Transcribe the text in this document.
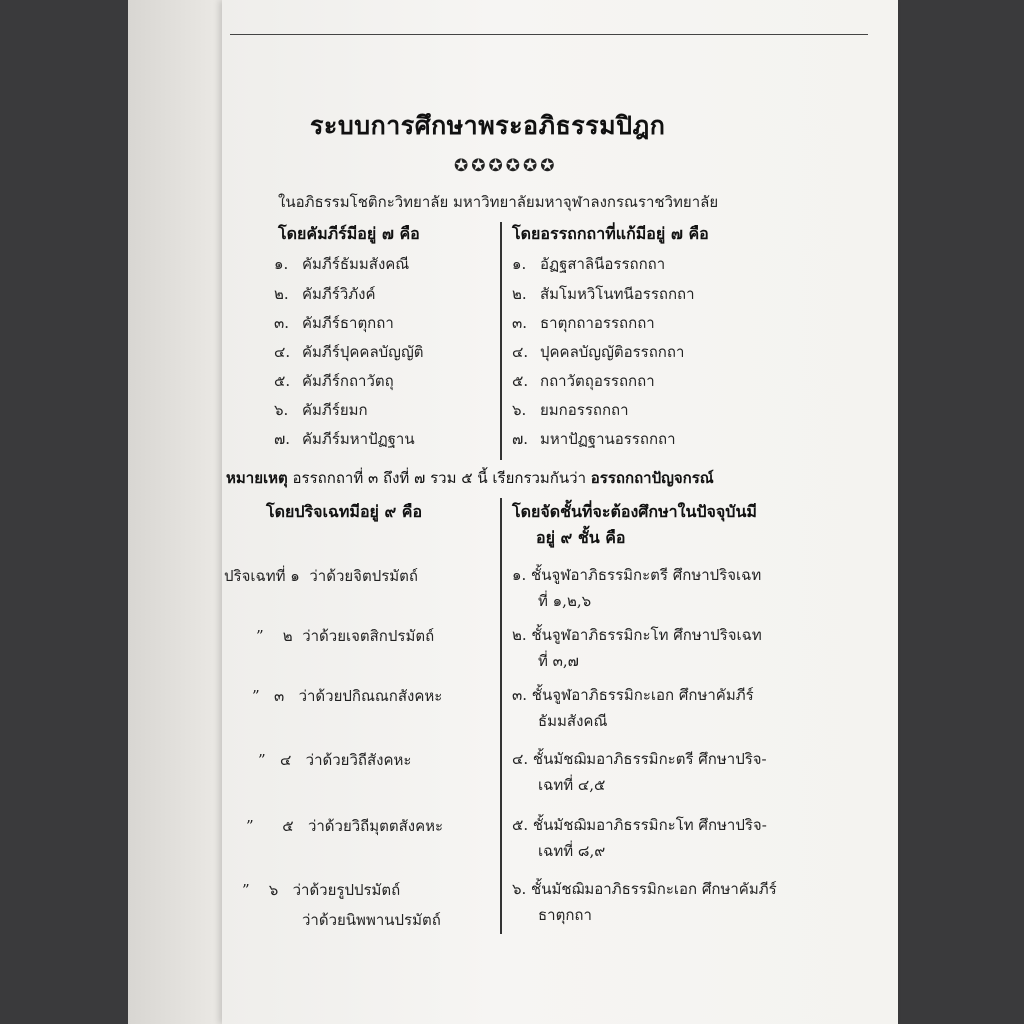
ระบบการศึกษาพระอภิธรรมปิฎก
✪✪✪✪✪✪
ในอภิธรรมโชติกะวิทยาลัย มหาวิทยาลัยมหาจุฬาลงกรณราชวิทยาลัย
โดยคัมภีร์มีอยู่ ๗ คือ	โดยอรรถกถาที่แก้มีอยู่ ๗ คือ
๑. คัมภีร์ธัมมสังคณี
๒. คัมภีร์วิภังค์
๓. คัมภีร์ธาตุกถา
๔. คัมภีร์ปุคคลบัญญัติ
๕. คัมภีร์กถาวัตถุ
๖. คัมภีร์ยมก
๗. คัมภีร์มหาปัฏฐาน
๑. อัฏฐสาลินีอรรถกถา
๒. สัมโมหวิโนทนีอรรถกถา
๓. ธาตุกถาอรรถกถา
๔. ปุคคลบัญญัติอรรถกถา
๕. กถาวัตถุอรรถกถา
๖. ยมกอรรถกถา
๗. มหาปัฏฐานอรรถกถา
หมายเหตุ อรรถกถาที่ ๓ ถึงที่ ๗ รวม ๕ นี้ เรียกรวมกันว่า อรรถกถาปัญจกรณ์
โดยปริจเฉทมีอยู่ ๙ คือ	โดยจัดชั้นที่จะต้องศึกษาในปัจจุบันมี
อยู่ ๙ ชั้น คือ
ปริจเฉทที่ ๑ ว่าด้วยจิตปรมัตถ์
” ๒ ว่าด้วยเจตสิกปรมัตถ์
” ๓ ว่าด้วยปกิณณกสังคหะ
” ๔ ว่าด้วยวิถีสังคหะ
” ๕ ว่าด้วยวิถีมุตตสังคหะ
” ๖ ว่าด้วยรูปปรมัตถ์
ว่าด้วยนิพพานปรมัตถ์
๑. ชั้นจูฬอาภิธรรมิกะตรี ศึกษาปริจเฉท
ที่ ๑,๒,๖
๒. ชั้นจูฬอาภิธรรมิกะโท ศึกษาปริจเฉท
ที่ ๓,๗
๓. ชั้นจูฬอาภิธรรมิกะเอก ศึกษาคัมภีร์
ธัมมสังคณี
๔. ชั้นมัชฌิมอาภิธรรมิกะตรี ศึกษาปริจ-
เฉทที่ ๔,๕
๕. ชั้นมัชฌิมอาภิธรรมิกะโท ศึกษาปริจ-
เฉทที่ ๘,๙
๖. ชั้นมัชฌิมอาภิธรรมิกะเอก ศึกษาคัมภีร์
ธาตุกถา
